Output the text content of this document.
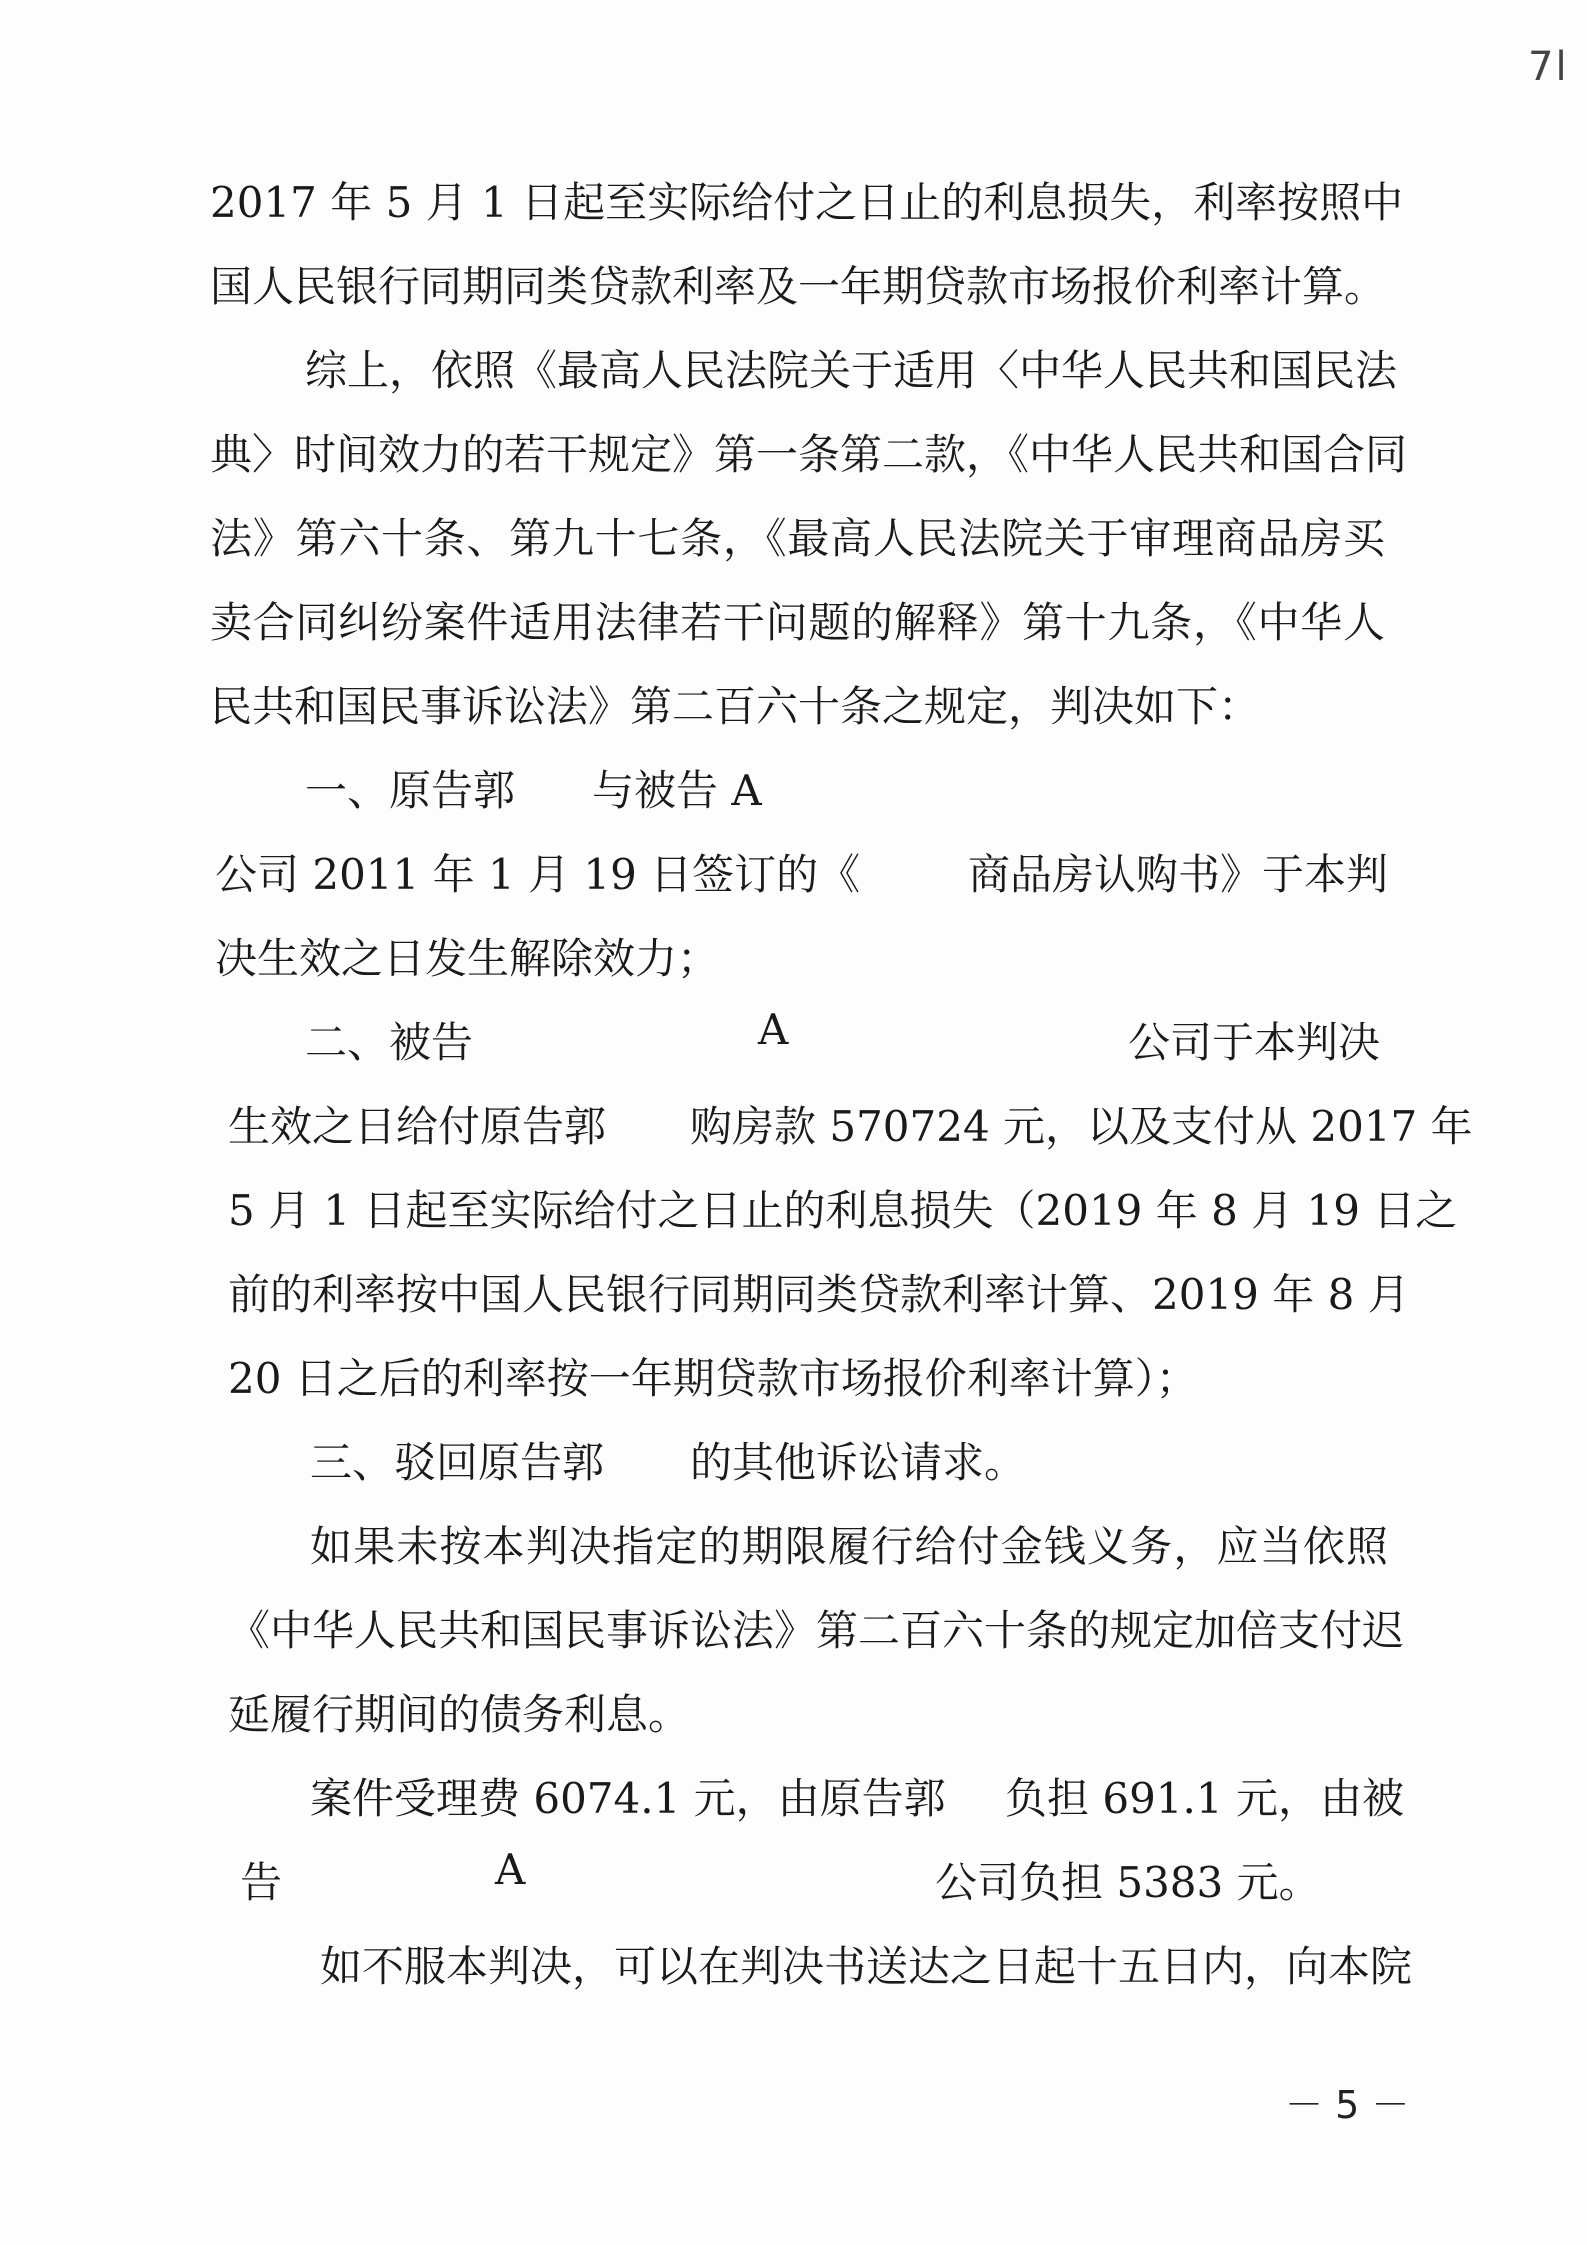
7l
2017 年 5 月 1 日起至实际给付之日止的利息损失，利率按照中
国人民银行同期同类贷款利率及一年期贷款市场报价利率计算。
综上，依照《最高人民法院关于适用〈中华人民共和国民法
典〉时间效力的若干规定》第一条第二款，《中华人民共和国合同
法》第六十条、第九十七条，《最高人民法院关于审理商品房买
卖合同纠纷案件适用法律若干问题的解释》第十九条，《中华人
民共和国民事诉讼法》第二百六十条之规定，判决如下：
一、原告郭 与被告 A
公司 2011 年 1 月 19 日签订的《	商品房认购书》于本判
决生效之日发生解除效力；
二、被告	A	公司于本判决
生效之日给付原告郭 购房款 570724 元，以及支付从 2017 年
5 月 1 日起至实际给付之日止的利息损失（2019 年 8 月 19 日之
前的利率按中国人民银行同期同类贷款利率计算、2019 年 8 月
20 日之后的利率按一年期贷款市场报价利率计算）；
三、驳回原告郭 的其他诉讼请求。
如果未按本判决指定的期限履行给付金钱义务，应当依照
《中华人民共和国民事诉讼法》第二百六十条的规定加倍支付迟
延履行期间的债务利息。
案件受理费 6074.1 元，由原告郭 负担 691.1 元，由被
告	A	公司负担 5383 元。
如不服本判决，可以在判决书送达之日起十五日内，向本院
－ 5 －
